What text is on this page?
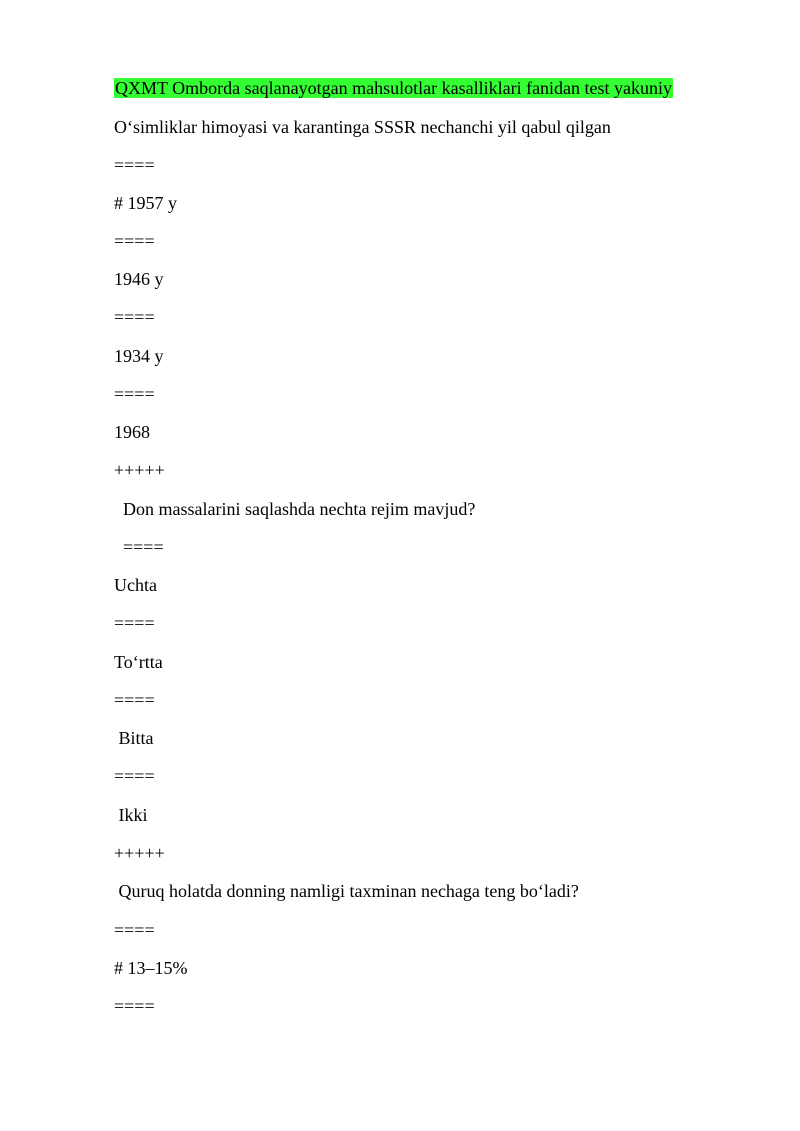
QXMT Omborda saqlanayotgan mahsulotlar kasalliklari fanidan test yakuniy
O‘simliklar himoyasi va karantinga SSSR nechanchi yil qabul qilgan
====
# 1957 y
====
1946 y
====
1934 y
====
1968
+++++
Don massalarini saqlashda nechta rejim mavjud?
====
Uchta
====
To‘rtta
====
Bitta
====
Ikki
+++++
Quruq holatda donning namligi taxminan nechaga teng bo‘ladi?
====
# 13–15%
====
